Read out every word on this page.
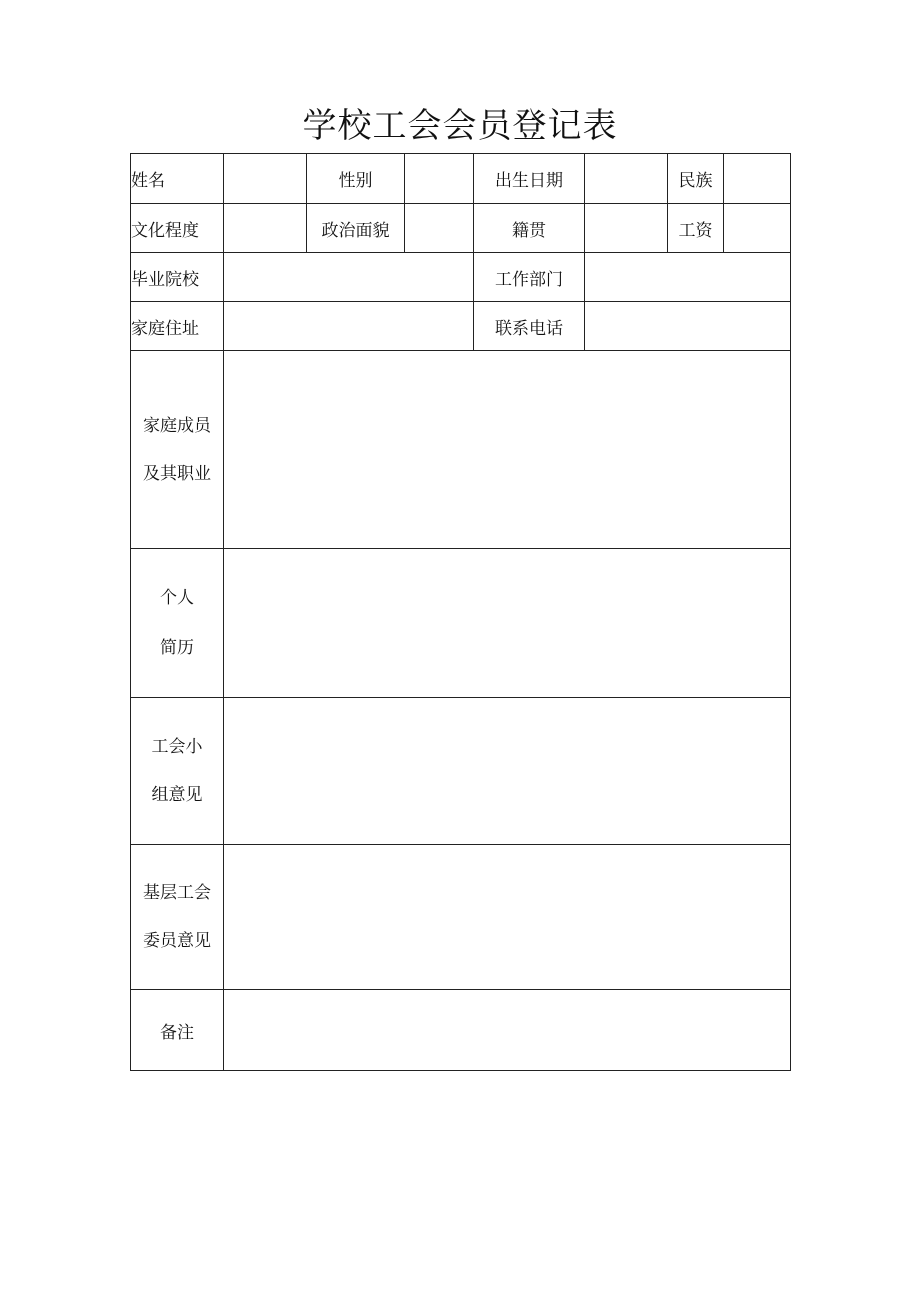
学校工会会员登记表
姓名		性别		出生日期		民族	
文化程度		政治面貌		籍贯		工资	
毕业院校				工作部门			
家庭住址				联系电话			

家庭成员
及其职业							

个人
简历							

工会小
组意见							

基层工会
委员意见							

备注							
